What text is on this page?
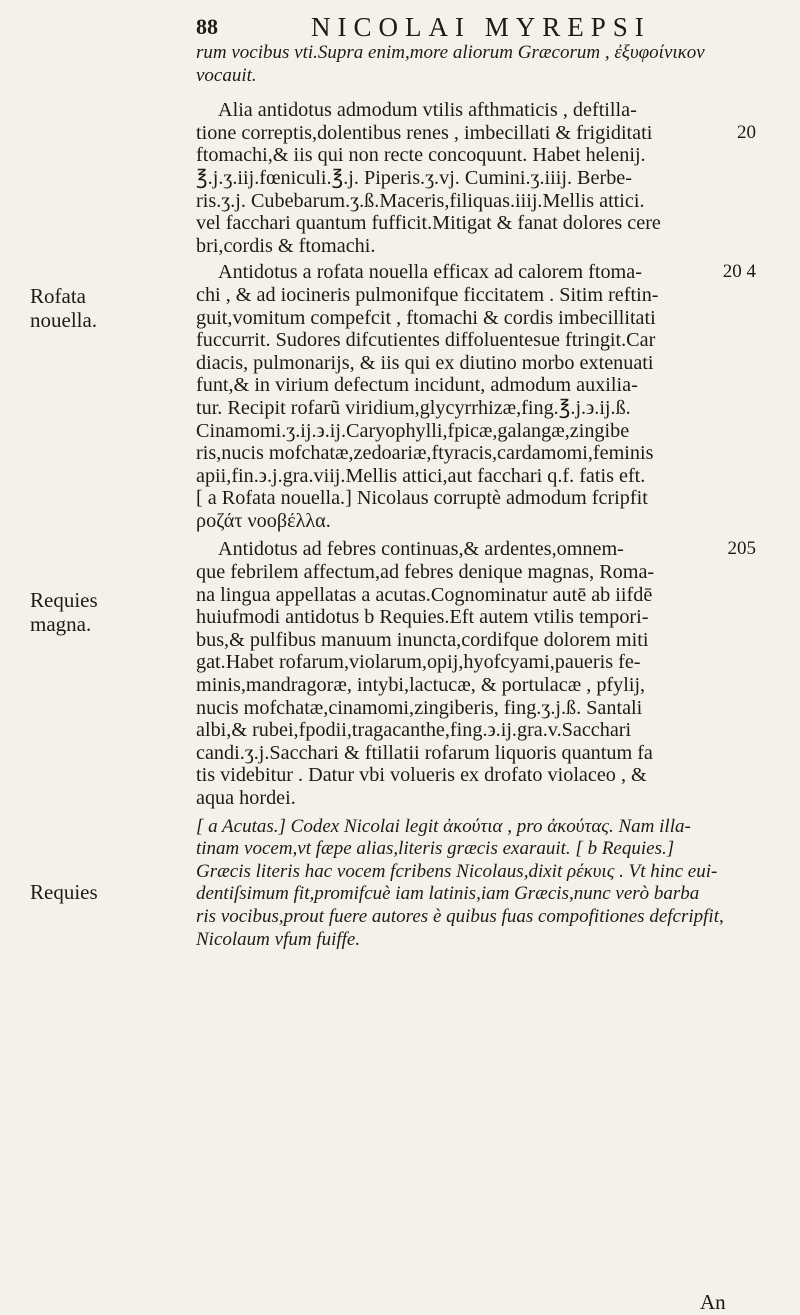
88	NICOLAI MYREPSI
Rofata
nouella.
Requies
magna.
Requies
rum vocibus vti.Supra enim,more aliorum Græcorum , ἐξυφοίνικον
vocauit.
Alia antidotus admodum vtilis afthmaticis , deftilla-
tione correptis,dolentibus renes , imbecillati & frigiditati	20
ftomachi,& iis qui non recte concoquunt. Habet helenij.
℥.j.ʒ.iij.fœniculi.℥.j. Piperis.ʒ.vj. Cumini.ʒ.iiij. Berbe-
ris.ʒ.j. Cubebarum.ʒ.ß.Maceris,filiquas.iiij.Mellis attici.
vel facchari quantum fufficit.Mitigat & fanat dolores cere
bri,cordis & ftomachi.
Antidotus a rofata nouella efficax ad calorem ftoma-	20 4
chi , & ad iocineris pulmonifque ficcitatem . Sitim reftin-
guit,vomitum compefcit , ftomachi & cordis imbecillitati
fuccurrit. Sudores difcutientes diffoluentesue ftringit.Car
diacis, pulmonarijs, & iis qui ex diutino morbo extenuati
funt,& in virium defectum incidunt, admodum auxilia-
tur. Recipit rofarũ viridium,glycyrrhizæ,fing.℥.j.϶.ij.ß.
Cinamomi.ʒ.ij.϶.ij.Caryophylli,fpicæ,galangæ,zingibe
ris,nucis mofchatæ,zedoariæ,ftyracis,cardamomi,feminis
apii,fin.϶.j.gra.viij.Mellis attici,aut facchari q.f. fatis eft.
[ a Rofata nouella.] Nicolaus corruptè admodum fcripfit
ροζάτ νοοβέλλα.
Antidotus ad febres continuas,& ardentes,omnem-	205
que febrilem affectum,ad febres denique magnas, Roma-
na lingua appellatas a acutas.Cognominatur autē ab iifdē
huiufmodi antidotus b Requies.Eft autem vtilis tempori-
bus,& pulfibus manuum inuncta,cordifque dolorem miti
gat.Habet rofarum,violarum,opij,hyofcyami,paueris fe-
minis,mandragoræ, intybi,lactucæ, & portulacæ , pfylij,
nucis mofchatæ,cinamomi,zingiberis, fing.ʒ.j.ß. Santali
albi,& rubei,fpodii,tragacanthe,fing.϶.ij.gra.v.Sacchari
candi.ʒ.j.Sacchari & ftillatii rofarum liquoris quantum fa
tis videbitur . Datur vbi volueris ex drofato violaceo , &
aqua hordei.
[ a Acutas.] Codex Nicolai legit ἀκούτια , pro ἀκούτας. Nam illa-
tinam vocem,vt fæpe alias,literis græcis exarauit. [ b Requies.]
Græcis literis hac vocem fcribens Nicolaus,dixit ρέκυις . Vt hinc eui-
dentiſsimum fit,promifcuè iam latinis,iam Græcis,nunc verò barba
ris vocibus,prout fuere autores è quibus fuas compofitiones defcripfit,
Nicolaum vfum fuiffe.
An
